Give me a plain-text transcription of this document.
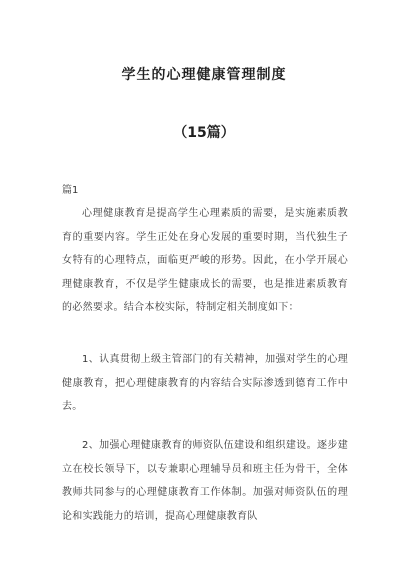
学生的心理健康管理制度
（15篇）
篇1

心理健康教育是提高学生心理素质的需要，是实施素质教育的重要内容。学生正处在身心发展的重要时期，当代独生子女特有的心理特点，面临更严峻的形势。因此，在小学开展心理健康教育，不仅是学生健康成长的需要，也是推进素质教育的必然要求。结合本校实际，特制定相关制度如下：

1、认真贯彻上级主管部门的有关精神，加强对学生的心理健康教育，把心理健康教育的内容结合实际渗透到德育工作中去。

2、加强心理健康教育的师资队伍建设和组织建设。逐步建立在校长领导下，以专兼职心理辅导员和班主任为骨干，全体教师共同参与的心理健康教育工作体制。加强对师资队伍的理论和实践能力的培训，提高心理健康教育队
